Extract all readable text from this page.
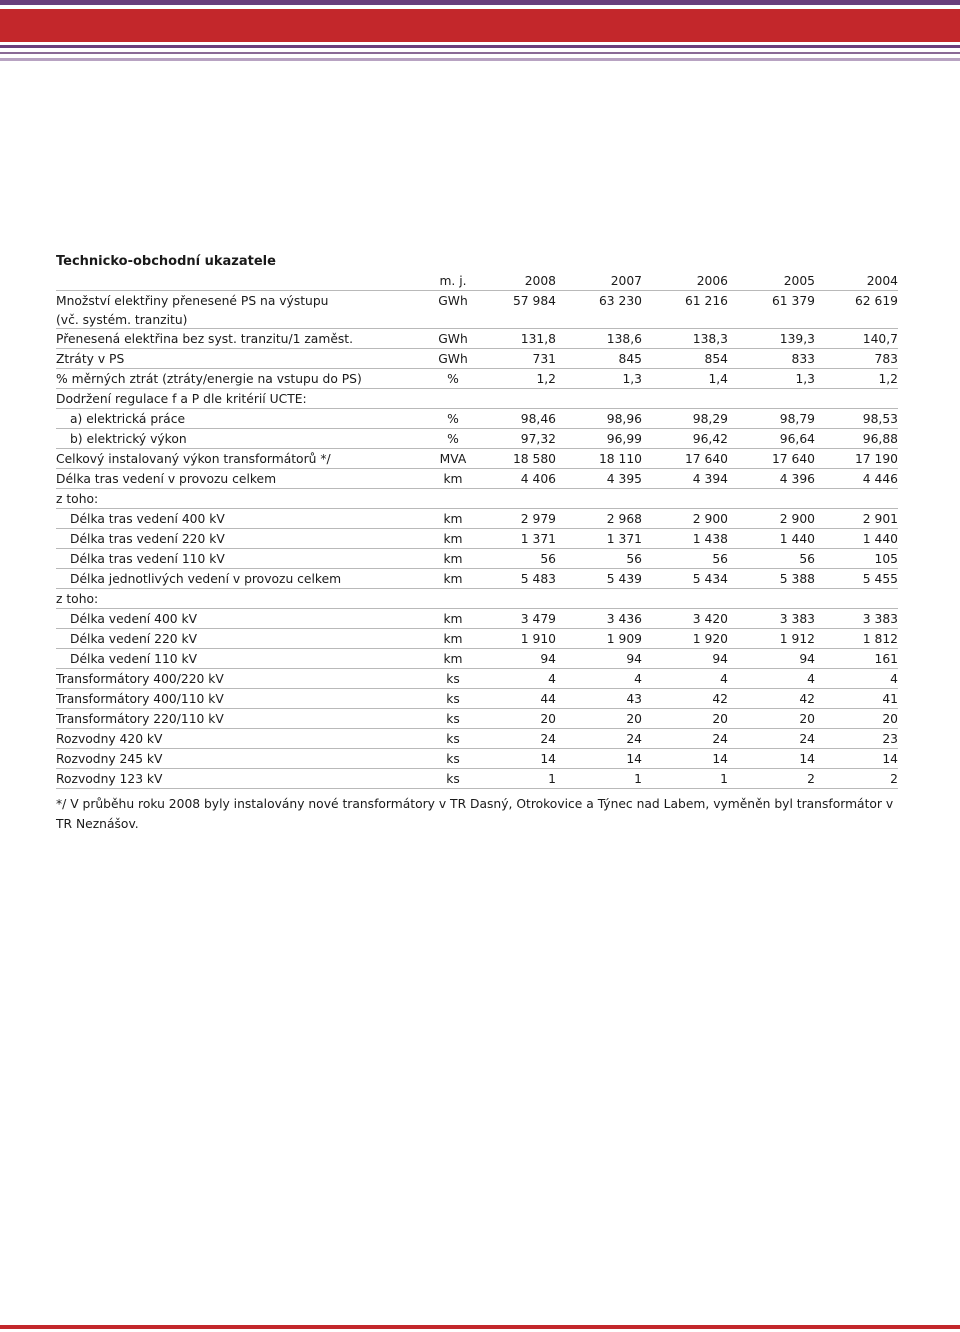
Technicko-obchodní ukazatele
	m. j.	2008	2007	2006	2005	2004
Množství elektřiny přenesené PS na výstupu	GWh	57 984	63 230	61 216	61 379	62 619
(vč. systém. tranzitu)						
Přenesená elektřina bez syst. tranzitu/1 zaměst.	GWh	131,8	138,6	138,3	139,3	140,7
Ztráty v PS	GWh	731	845	854	833	783
% měrných ztrát (ztráty/energie na vstupu do PS)	%	1,2	1,3	1,4	1,3	1,2
Dodržení regulace f a P dle kritérií UCTE:						
a) elektrická práce	%	98,46	98,96	98,29	98,79	98,53
b) elektrický výkon	%	97,32	96,99	96,42	96,64	96,88
Celkový instalovaný výkon transformátorů */	MVA	18 580	18 110	17 640	17 640	17 190
Délka tras vedení v provozu celkem	km	4 406	4 395	4 394	4 396	4 446
z toho:						
Délka tras vedení 400 kV	km	2 979	2 968	2 900	2 900	2 901
Délka tras vedení 220 kV	km	1 371	1 371	1 438	1 440	1 440
Délka tras vedení 110 kV	km	56	56	56	56	105
Délka jednotlivých vedení v provozu celkem	km	5 483	5 439	5 434	5 388	5 455
z toho:						
Délka vedení 400 kV	km	3 479	3 436	3 420	3 383	3 383
Délka vedení 220 kV	km	1 910	1 909	1 920	1 912	1 812
Délka vedení 110 kV	km	94	94	94	94	161
Transformátory 400/220 kV	ks	4	4	4	4	4
Transformátory 400/110 kV	ks	44	43	42	42	41
Transformátory 220/110 kV	ks	20	20	20	20	20
Rozvodny 420 kV	ks	24	24	24	24	23
Rozvodny 245 kV	ks	14	14	14	14	14
Rozvodny 123 kV	ks	1	1	1	2	2
*/ V průběhu roku 2008 byly instalovány nové transformátory v TR Dasný, Otrokovice a Týnec nad Labem, vyměněn byl transformátor v TR Neznášov.
